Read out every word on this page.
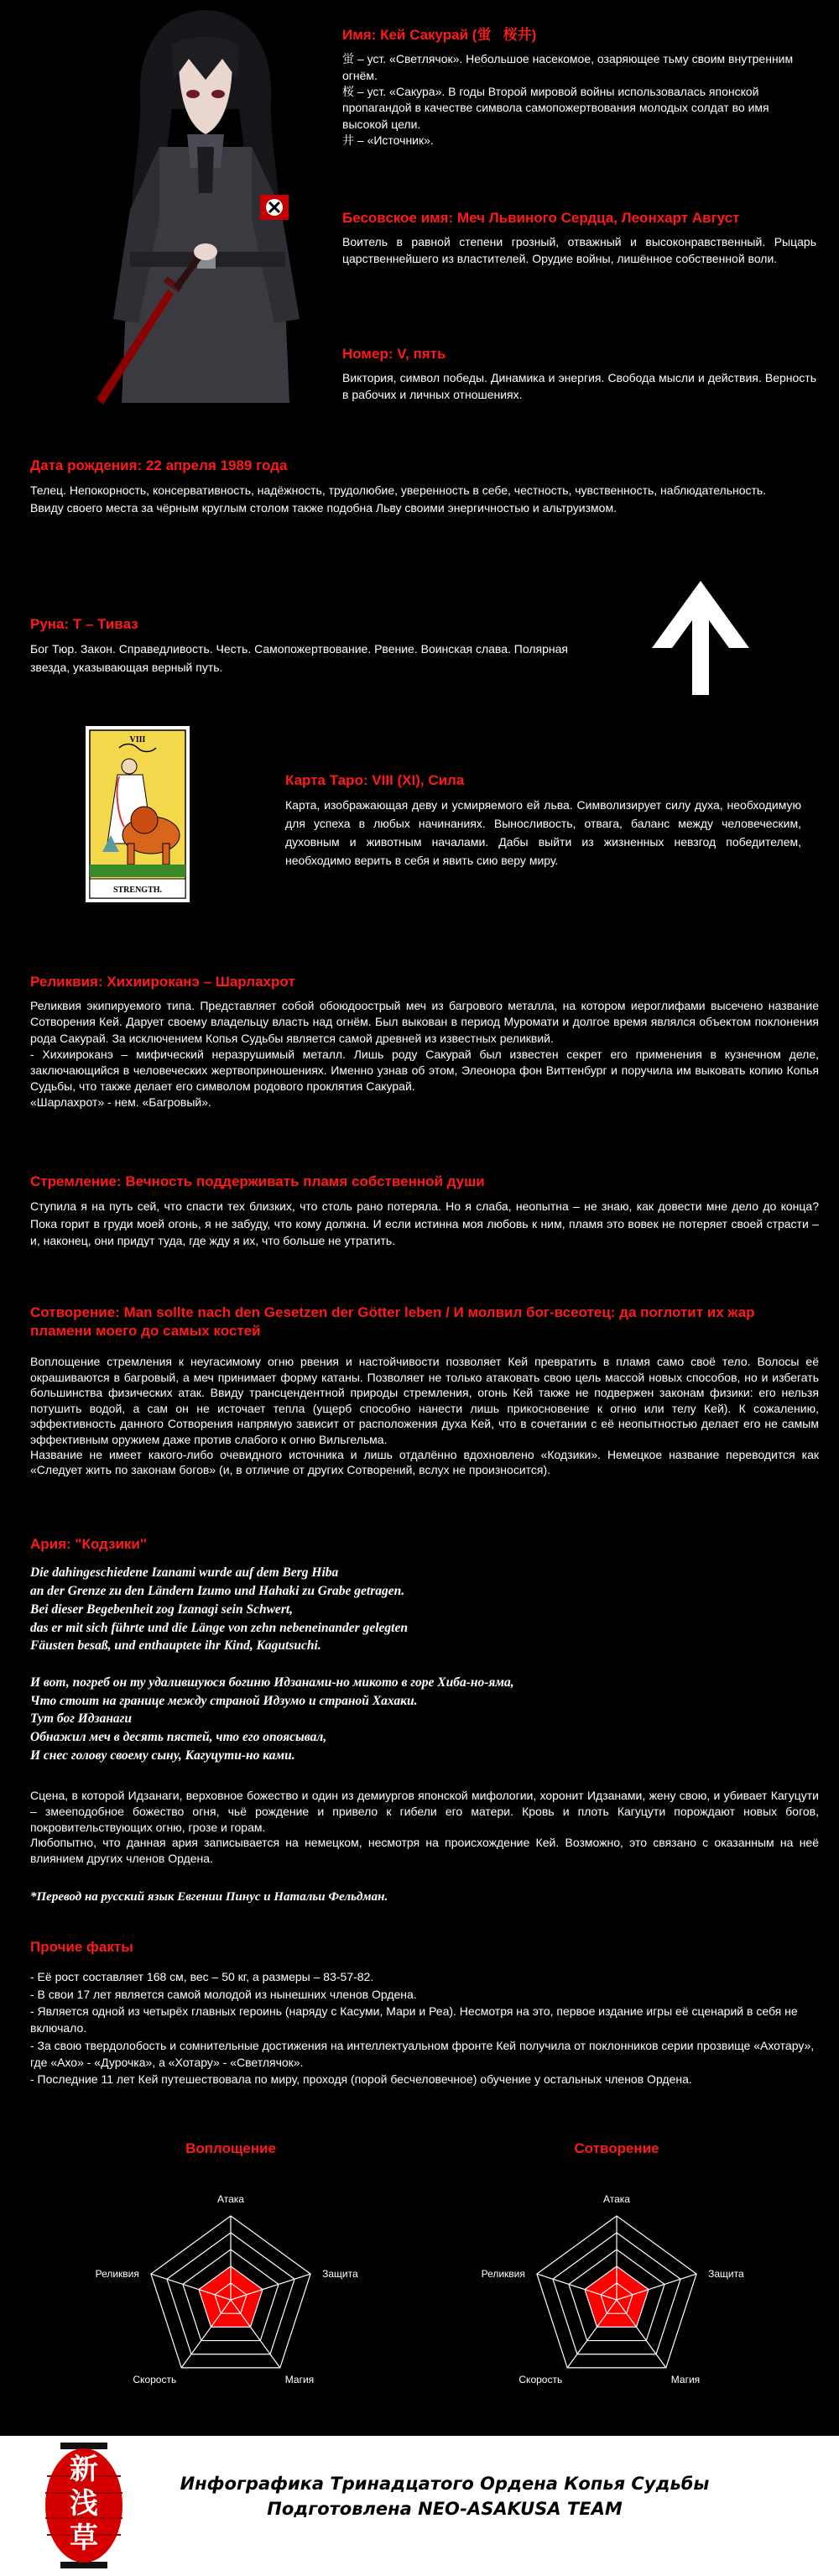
Имя: Кей Сакурай (蛍   桜井)

蛍 – уст. «Светлячок». Небольшое насекомое, озаряющее тьму своим внутренним огнём.
桜 – уст. «Сакура». В годы Второй мировой войны использовалась японской пропагандой в качестве символа самопожертвования молодых солдат во имя высокой цели.
井 – «Источник».

Бесовское имя: Меч Львиного Сердца, Леонхарт Август

Воитель в равной степени грозный, отважный и высоконравственный. Рыцарь царственнейшего из властителей. Орудие войны, лишённое собственной воли.

Номер: V, пять

Виктория, символ победы. Динамика и энергия. Свобода мысли и действия. Верность в рабочих и личных отношениях.

Дата рождения: 22 апреля 1989 года

Телец. Непокорность, консервативность, надёжность, трудолюбие, уверенность в себе, честность, чувственность, наблюдательность.
Ввиду своего места за чёрным круглым столом также подобна Льву своими энергичностью и альтруизмом.

Руна: T – Тиваз

Бог Тюр. Закон. Справедливость. Честь. Самопожертвование. Рвение. Воинская слава. Полярная звезда, указывающая верный путь.

VIII
STRENGTH.
Карта Таро: VIII (XI), Сила

Карта, изображающая деву и усмиряемого ей льва. Символизирует силу духа, необходимую для успеха в любых начинаниях. Выносливость, отвага, баланс между человеческим, духовным и животным началами. Дабы выйти из жизненных невзгод победителем, необходимо верить в себя и явить сию веру миру.

Реликвия: Хихиироканэ – Шарлахрот

Реликвия экипируемого типа. Представляет собой обоюдоострый меч из багрового металла, на котором иероглифами высечено название Сотворения Кей. Дарует своему владельцу власть над огнём. Был выкован в период Муромати и долгое время являлся объектом поклонения рода Сакурай. За исключением Копья Судьбы является самой древней из известных реликвий.
- Хихиироканэ – мифический неразрушимый металл. Лишь роду Сакурай был известен секрет его применения в кузнечном деле, заключающийся в человеческих жертвоприношениях. Именно узнав об этом, Элеонора фон Виттенбург и поручила им выковать копию Копья Судьбы, что также делает его символом родового проклятия Сакурай.
«Шарлахрот» - нем. «Багровый».

Стремление: Вечность поддерживать пламя собственной души

Ступила я на путь сей, что спасти тех близких, что столь рано потеряла. Но я слаба, неопытна – не знаю, как довести мне дело до конца? Пока горит в груди моей огонь, я не забуду, что кому должна. И если истинна моя любовь к ним, пламя это вовек не потеряет своей страсти – и, наконец, они придут туда, где жду я их, что больше не утратить.

Сотворение: Man sollte nach den Gesetzen der Götter leben / И молвил бог-всеотец: да поглотит их жар пламени моего до самых костей

Воплощение стремления к неугасимому огню рвения и настойчивости позволяет Кей превратить в пламя само своё тело. Волосы её окрашиваются в багровый, а меч принимает форму катаны. Позволяет не только атаковать свою цель массой новых способов, но и избегать большинства физических атак. Ввиду трансцендентной природы стремления, огонь Кей также не подвержен законам физики: его нельзя потушить водой, а сам он не источает тепла (ущерб способно нанести лишь прикосновение к огню или телу Кей). К сожалению, эффективность данного Сотворения напрямую зависит от расположения духа Кей, что в сочетании с её неопытностью делает его не самым эффективным оружием даже против слабого к огню Вильгельма.
Название не имеет какого-либо очевидного источника и лишь отдалённо вдохновлено «Кодзики». Немецкое название переводится как «Следует жить по законам богов» (и, в отличие от других Сотворений, вслух не произносится).

Ария: "Кодзики"

Die dahingeschiedene Izanami wurde auf dem Berg Hiba
an der Grenze zu den Ländern Izumo und Hahaki zu Grabe getragen.
Bei dieser Begebenheit zog Izanagi sein Schwert,
das er mit sich führte und die Länge von zehn nebeneinander gelegten
Fäusten besaß, und enthauptete ihr Kind, Kagutsuchi.

И вот, погреб он ту удалившуюся богиню Идзанами-но микото в горе Хиба-но-яма,
Что стоит на границе между страной Идзумо и страной Хахаки.
Тут бог Идзанаги
Обнажил меч в десять пястей, что его опоясывал,
И снес голову своему сыну, Кагуцути-но ками.

Сцена, в которой Идзанаги, верховное божество и один из демиургов японской мифологии, хоронит Идзанами, жену свою, и убивает Кагуцути – змееподобное божество огня, чьё рождение и привело к гибели его матери. Кровь и плоть Кагуцути порождают новых богов, покровительствующих огню, грозе и горам.
Любопытно, что данная ария записывается на немецком, несмотря на происхождение Кей. Возможно, это связано с оказанным на неё влиянием других членов Ордена.

*Перевод на русский язык Евгении Пинус и Натальи Фельдман.

Прочие факты
- Её рост составляет 168 см, вес – 50 кг, а размеры – 83-57-82.
- В свои 17 лет является самой молодой из нынешних членов Ордена.
- Является одной из четырёх главных героинь (наряду с Касуми, Мари и Реа). Несмотря на это, первое издание игры её сценарий в себя не включало.
- За свою твердолобость и сомнительные достижения на интеллектуальном фронте Кей получила от поклонников серии прозвище «Ахотару», где «Ахо» - «Дурочка», а «Хотару» - «Светлячок».
- Последние 11 лет Кей путешествовала по миру, проходя (порой бесчеловечное) обучение у остальных членов Ордена.
Воплощение	Сотворение
Атака
Защита
Магия
Скорость
Реликвия
Атака
Защита
Магия
Скорость
Реликвия
新浅草
Инфографика Тринадцатого Ордена Копья Судьбы
Подготовлена NEO-ASAKUSA TEAM
